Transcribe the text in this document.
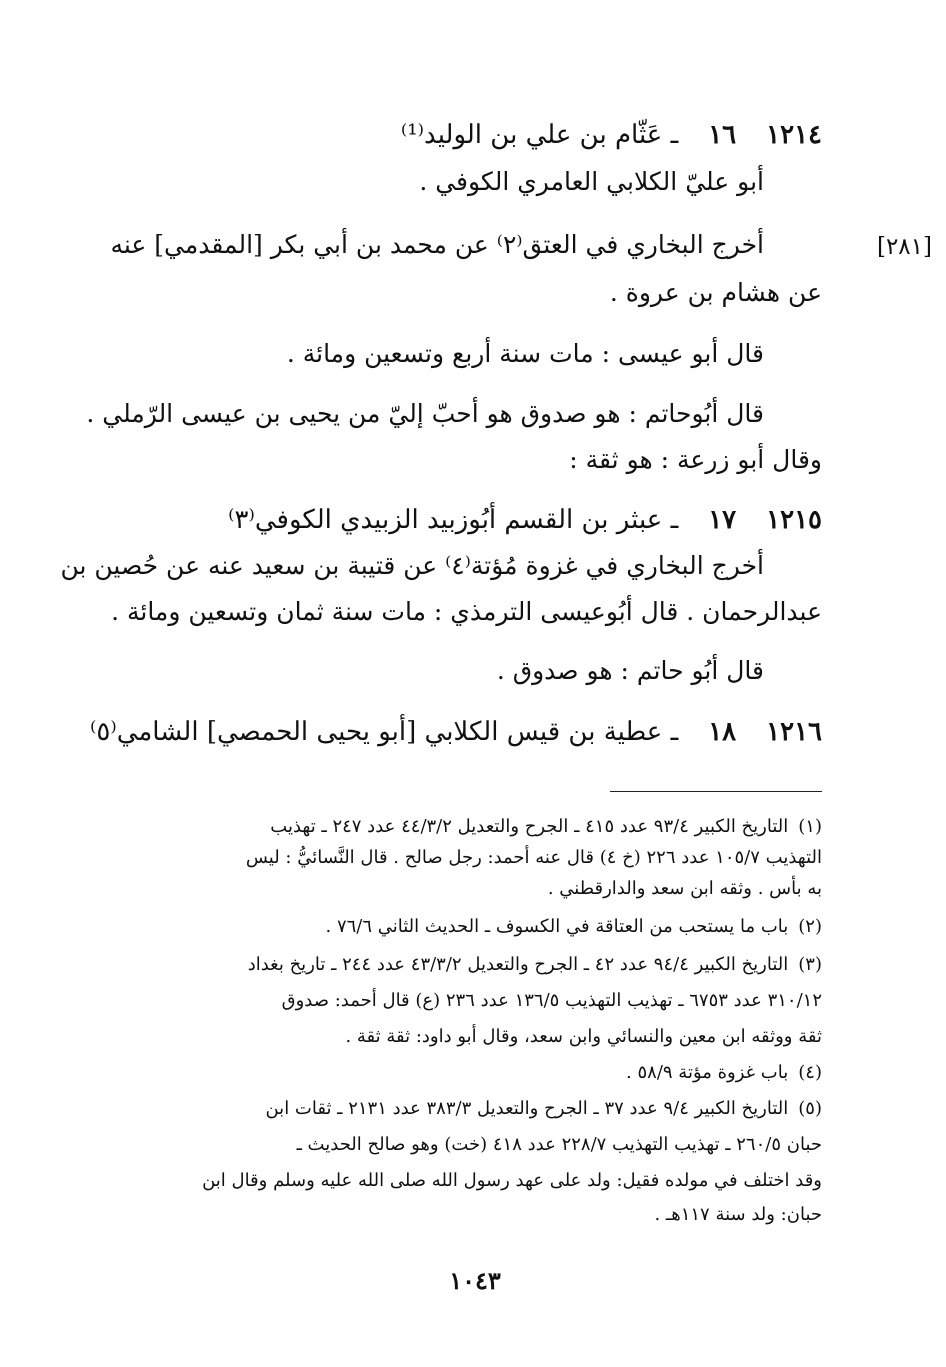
[٢٨١]
١٢١٤١٦ـ عَثّام بن علي بن الوليد⁽¹⁾
أبو عليّ الكلابي العامري الكوفي .
أخرج البخاري في العتق⁽٢⁾ عن محمد بن أبي بكر [المقدمي] عنه
عن هشام بن عروة .
قال أبو عيسى : مات سنة أربع وتسعين ومائة .
قال أبُوحاتم : هو صدوق هو أحبّ إليّ من يحيى بن عيسى الرّملي .
وقال أبو زرعة : هو ثقة :
١٢١٥١٧ـ عبثر بن القسم أبُوزبيد الزبيدي الكوفي⁽٣⁾
أخرج البخاري في غزوة مُؤتة⁽٤⁾ عن قتيبة بن سعيد عنه عن حُصين بن
عبدالرحمان . قال أبُوعيسى الترمذي : مات سنة ثمان وتسعين ومائة .
قال أبُو حاتم : هو صدوق .
١٢١٦١٨ـ عطية بن قيس الكلابي [أبو يحيى الحمصي] الشامي⁽٥⁾
(١)التاريخ الكبير ٩٣/٤ عدد ٤١٥ ـ الجرح والتعديل ٤٤/٣/٢ عدد ٢٤٧ ـ تهذيب
التهذيب ١٠٥/٧ عدد ٢٢٦ (خ ٤) قال عنه أحمد: رجل صالح . قال النَّسائيُّ : ليس
به بأس . وثقه ابن سعد والدارقطني .
(٢)باب ما يستحب من العتاقة في الكسوف ـ الحديث الثاني ٧٦/٦ .
(٣)التاريخ الكبير ٩٤/٤ عدد ٤٢ ـ الجرح والتعديل ٤٣/٣/٢ عدد ٢٤٤ ـ تاريخ بغداد
٣١٠/١٢ عدد ٦٧٥٣ ـ تهذيب التهذيب ١٣٦/٥ عدد ٢٣٦ (ع) قال أحمد: صدوق
ثقة ووثقه ابن معين والنسائي وابن سعد، وقال أبو داود: ثقة ثقة .
(٤)باب غزوة مؤتة ٥٨/٩ .
(٥)التاريخ الكبير ٩/٤ عدد ٣٧ ـ الجرح والتعديل ٣٨٣/٣ عدد ٢١٣١ ـ ثقات ابن
حبان ٢٦٠/٥ ـ تهذيب التهذيب ٢٢٨/٧ عدد ٤١٨ (خت) وهو صالح الحديث ـ
وقد اختلف في مولده فقيل: ولد على عهد رسول الله صلى الله عليه وسلم وقال ابن
حبان: ولد سنة ١١٧هـ .
١٠٤٣
